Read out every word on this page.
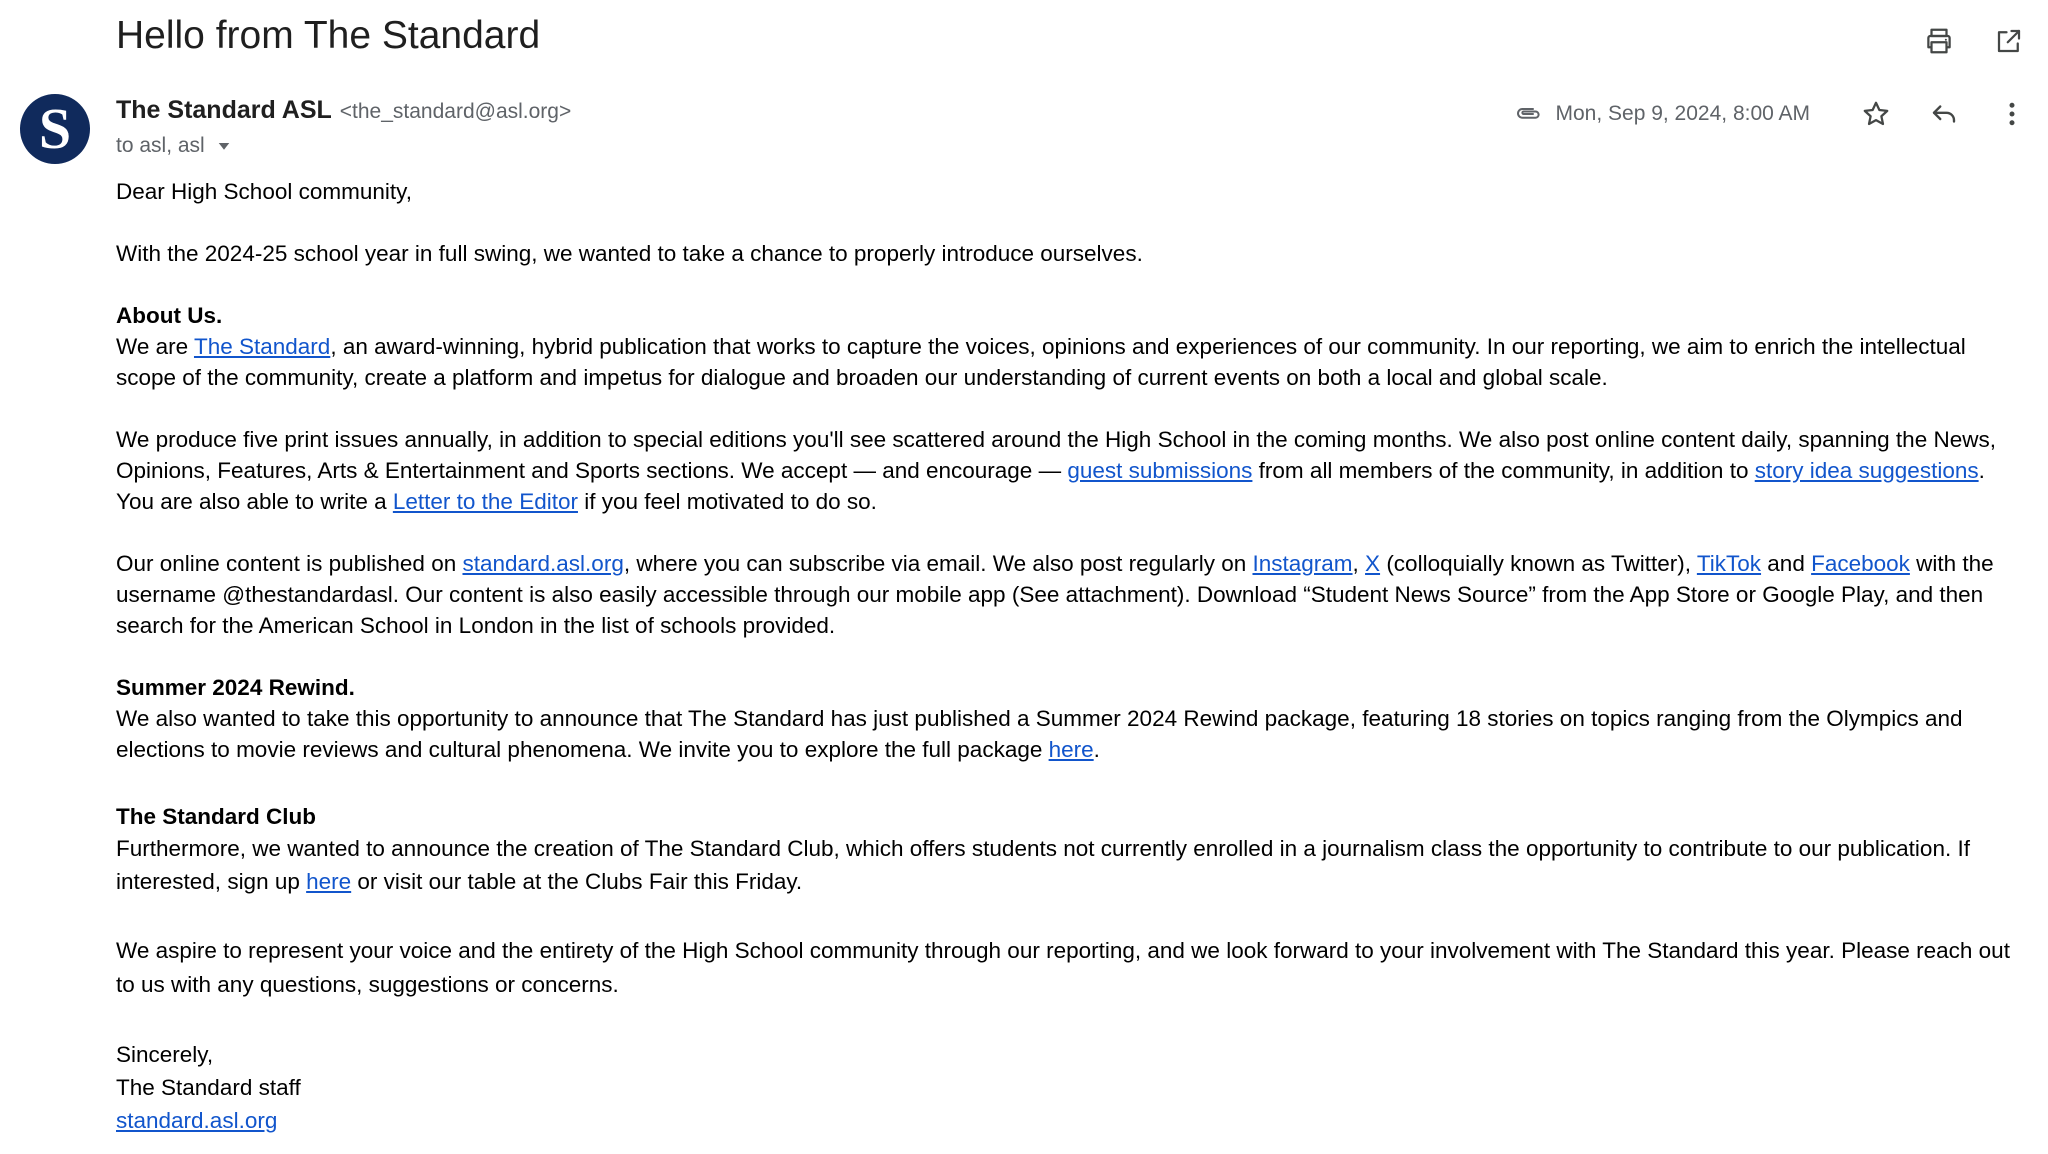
Hello from The Standard
S	The Standard ASL <the_standard@asl.org>
to asl, asl
Mon, Sep 9, 2024, 8:00 AM

Dear High School community,

With the 2024-25 school year in full swing, we wanted to take a chance to properly introduce ourselves.

About Us.

We are The Standard, an award-winning, hybrid publication that works to capture the voices, opinions and experiences of our community. In our reporting, we aim to enrich the intellectual scope of the community, create a platform and impetus for dialogue and broaden our understanding of current events on both a local and global scale.

We produce five print issues annually, in addition to special editions you'll see scattered around the High School in the coming months. We also post online content daily, spanning the News, Opinions, Features, Arts & Entertainment and Sports sections. We accept — and encourage — guest submissions from all members of the community, in addition to story idea suggestions. You are also able to write a Letter to the Editor if you feel motivated to do so.

Our online content is published on standard.asl.org, where you can subscribe via email. We also post regularly on Instagram, X (colloquially known as Twitter), TikTok and Facebook with the username @thestandardasl. Our content is also easily accessible through our mobile app (See attachment). Download “Student News Source” from the App Store or Google Play, and then search for the American School in London in the list of schools provided.

Summer 2024 Rewind.

We also wanted to take this opportunity to announce that The Standard has just published a Summer 2024 Rewind package, featuring 18 stories on topics ranging from the Olympics and elections to movie reviews and cultural phenomena. We invite you to explore the full package here.

The Standard Club

Furthermore, we wanted to announce the creation of The Standard Club, which offers students not currently enrolled in a journalism class the opportunity to contribute to our publication. If interested, sign up here or visit our table at the Clubs Fair this Friday.

We aspire to represent your voice and the entirety of the High School community through our reporting, and we look forward to your involvement with The Standard this year. Please reach out to us with any questions, suggestions or concerns.

Sincerely,

The Standard staff

standard.asl.org
